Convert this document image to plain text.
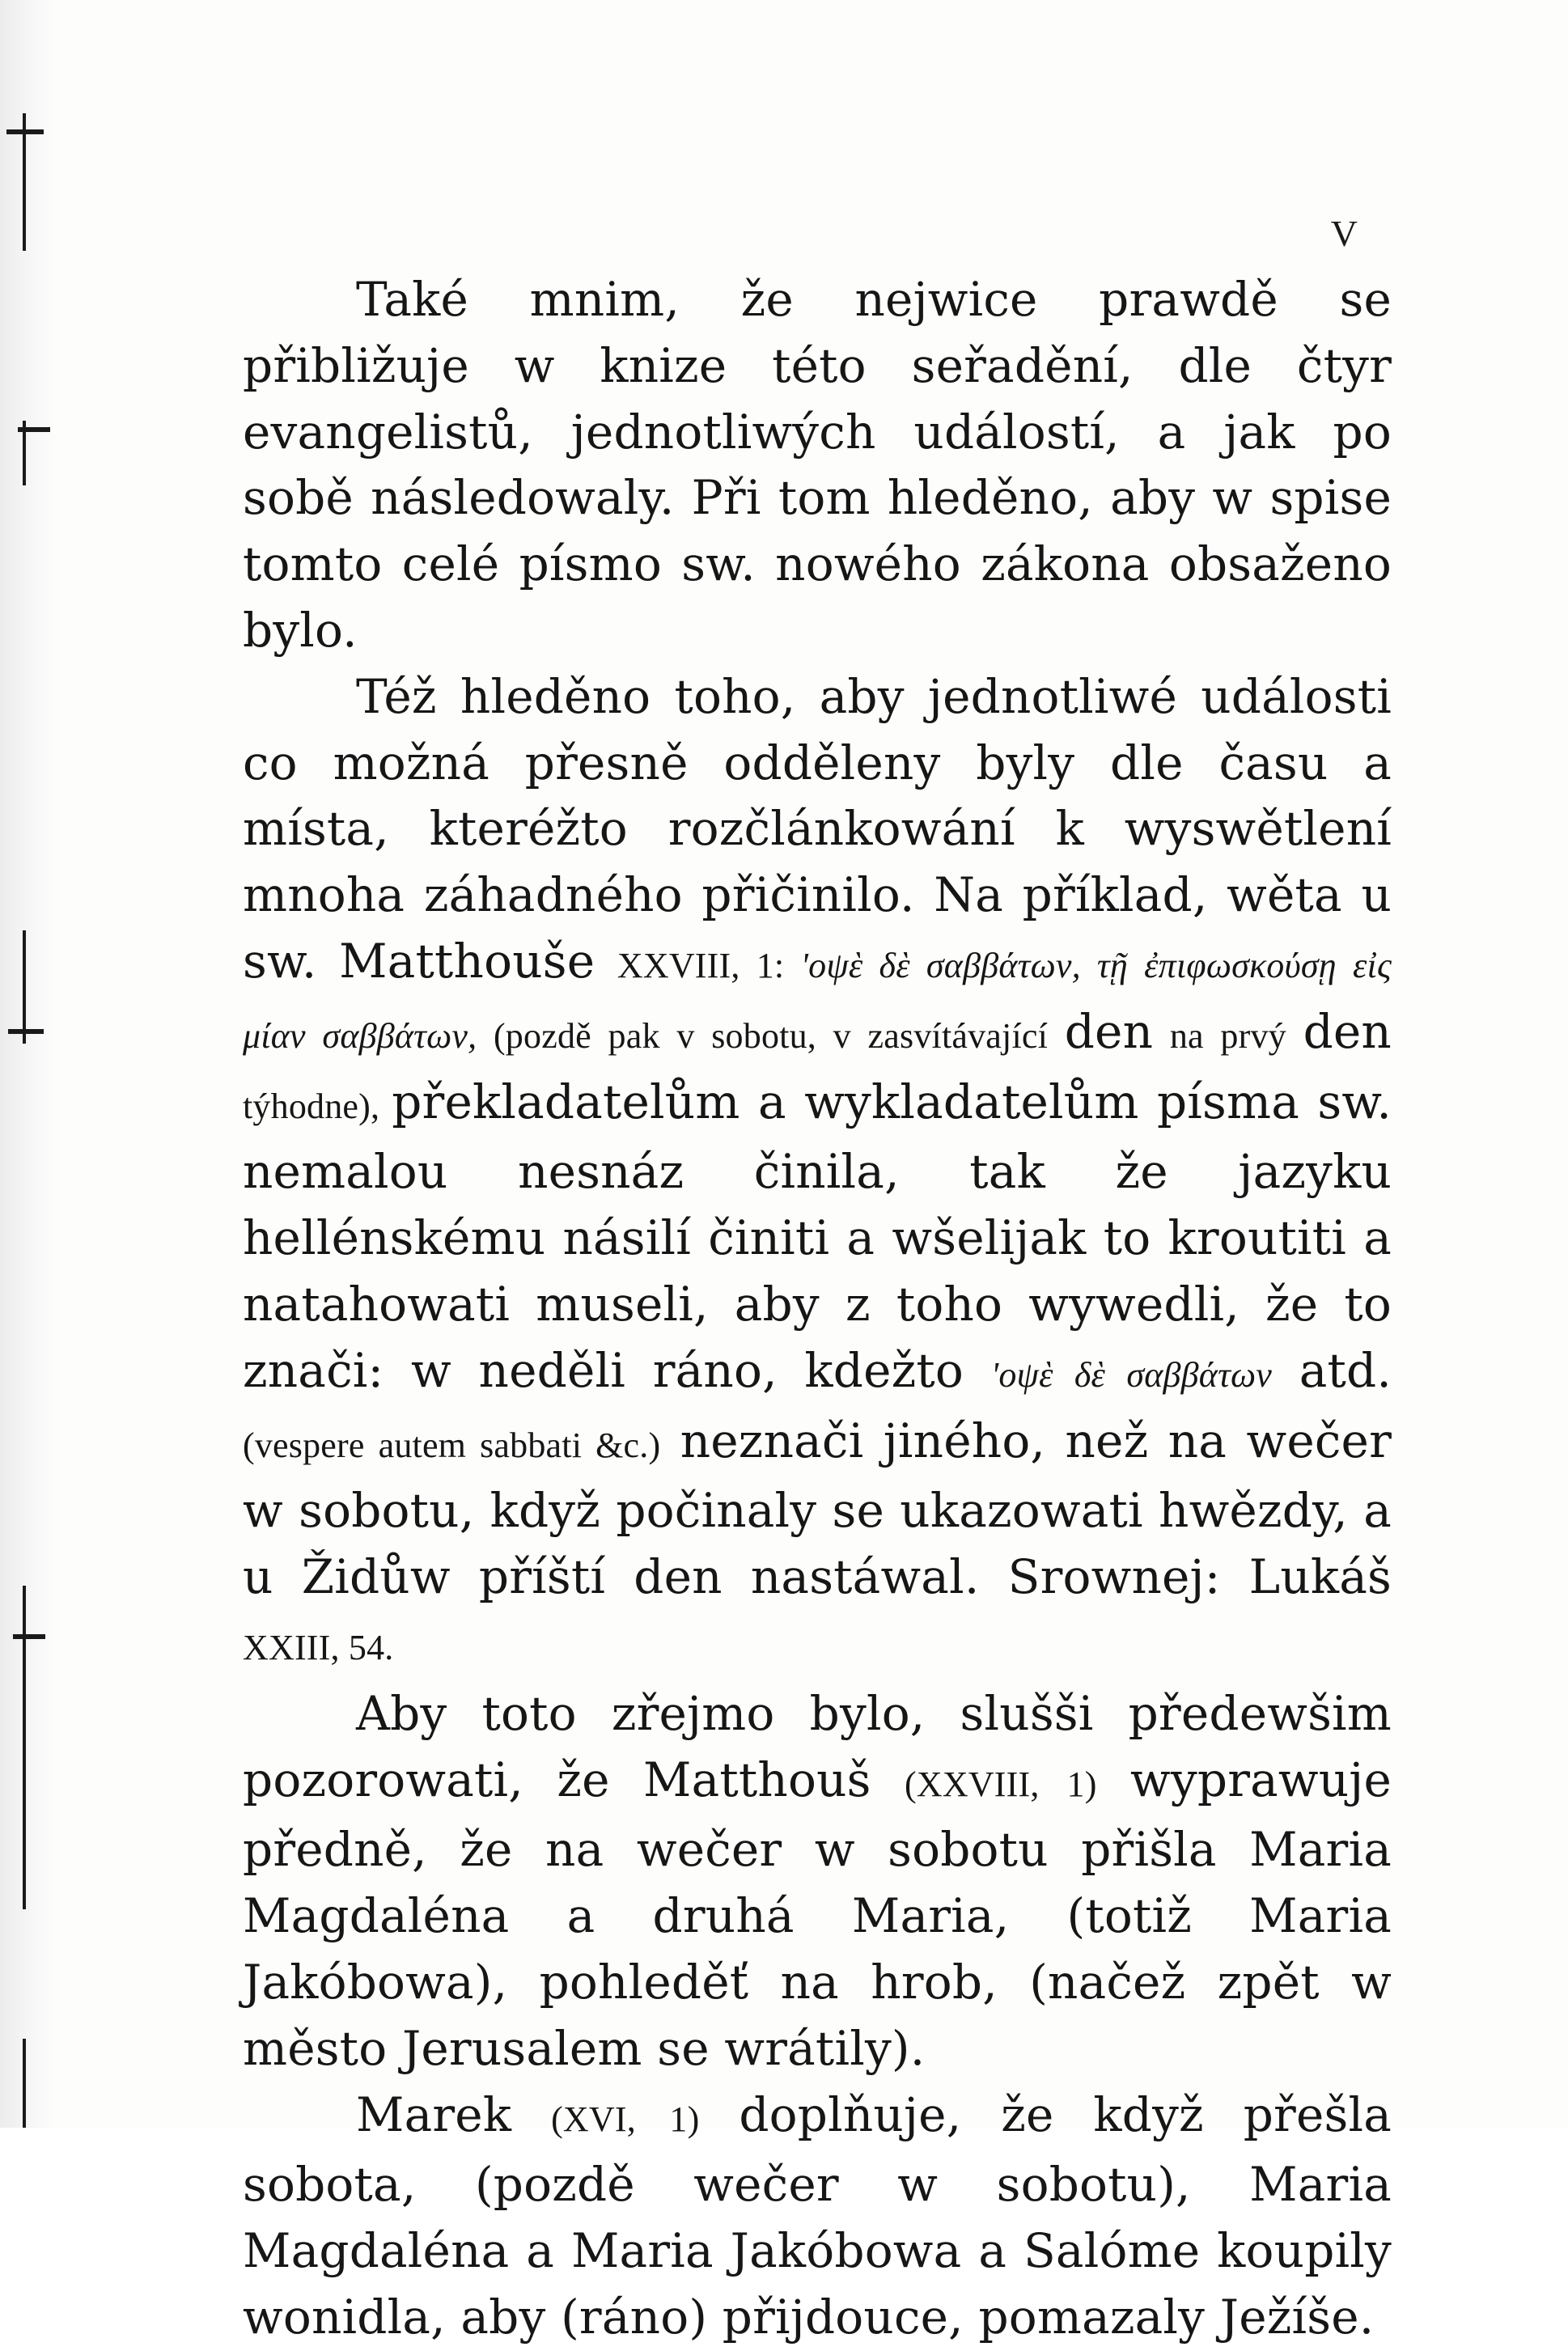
V

Také mnim, že nejwice prawdě se přibližuje w knize této seřadění, dle čtyr evangelistů, jednotliwých událostí, a jak po sobě následowaly. Při tom hleděno, aby w spise tomto celé písmo sw. nowého zákona obsaženo bylo.

Též hleděno toho, aby jednotliwé události co možná přesně odděleny byly dle času a místa, kteréžto rozčlánkowání k wyswětlení mnoha záhadného přičinilo. Na příklad, wěta u sw. Matthouše XXVIII, 1: 'οψὲ δὲ σαββάτων, τῇ ἐπιφωσκούσῃ εἰς μίαν σαββάτων, (pozdě pak v sobotu, v zasvítávající den na prvý den týhodne), překladatelům a wykladatelům písma sw. nemalou nesnáz činila, tak že jazyku hellénskému násilí činiti a wšelijak to kroutiti a natahowati museli, aby z toho wywedli, že to znači: w neděli ráno, kdežto 'οψὲ δὲ σαββάτων atd. (vespere autem sabbati &c.) neznači jiného, než na wečer w sobotu, když počinaly se ukazowati hwězdy, a u Židůw příští den nastáwal. Srownej: Lukáš XXIII, 54.

Aby toto zřejmo bylo, slušši předewšim pozorowati, že Matthouš (XXVIII, 1) wyprawuje předně, že na wečer w sobotu přišla Maria Magdaléna a druhá Maria, (totiž Maria Jakóbowa), pohleděť na hrob, (načež zpět w město Jerusalem se wrátily).

Marek (XVI, 1) doplňuje, že když přešla sobota, (pozdě wečer w sobotu), Maria Magdaléna a Maria Jakóbowa a Salóme koupily wonidla, aby (ráno) přijdouce, pomazaly Ježíše.
